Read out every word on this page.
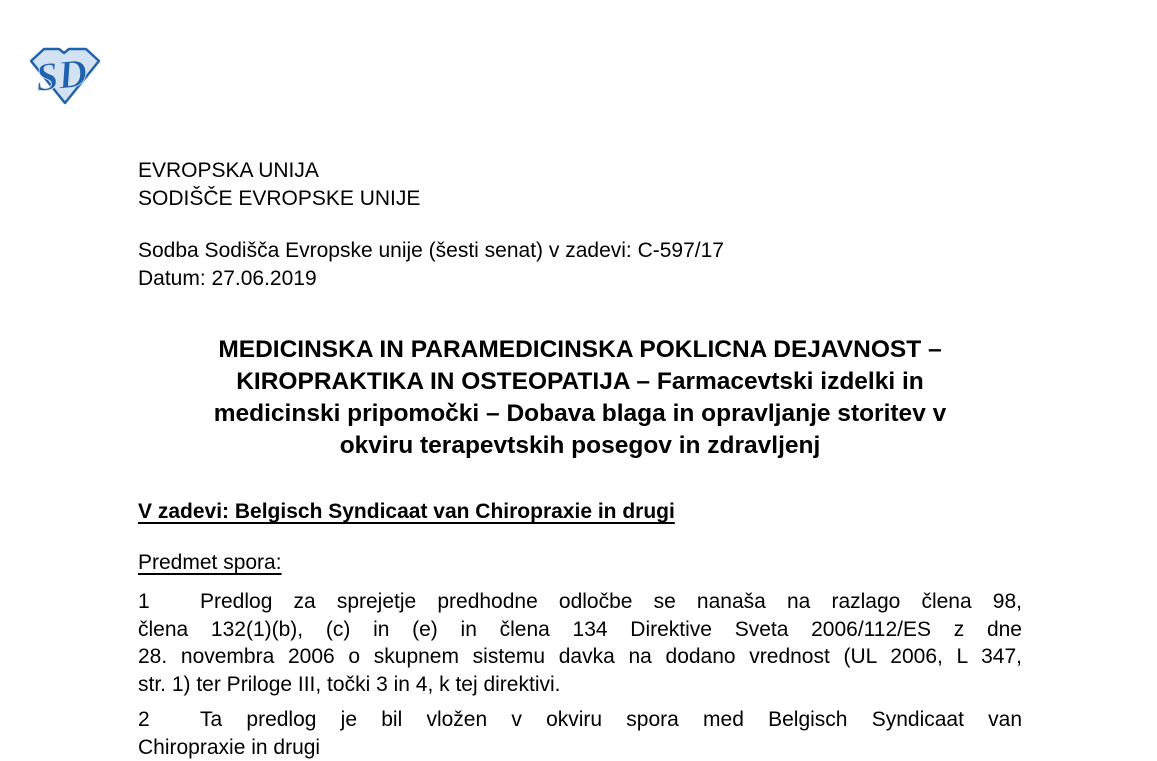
SD
EVROPSKA UNIJA
SODIŠČE EVROPSKE UNIJE
Sodba Sodišča Evropske unije (šesti senat) v zadevi: C-597/17
Datum: 27.06.2019
MEDICINSKA IN PARAMEDICINSKA POKLICNA DEJAVNOST –
KIROPRAKTIKA IN OSTEOPATIJA – Farmacevtski izdelki in
medicinski pripomočki – Dobava blaga in opravljanje storitev v
okviru terapevtskih posegov in zdravljenj
V zadevi: Belgisch Syndicaat van Chiropraxie in drugi
Predmet spora:
1 Predlog za sprejetje predhodne odločbe se nanaša na razlago člena 98,
člena 132(1)(b), (c) in (e) in člena 134 Direktive Sveta 2006/112/ES z dne
28. novembra 2006 o skupnem sistemu davka na dodano vrednost (UL 2006, L 347,
str. 1) ter Priloge III, točki 3 in 4, k tej direktivi.
2 Ta predlog je bil vložen v okviru spora med Belgisch Syndicaat van
Chiropraxie in drugi
